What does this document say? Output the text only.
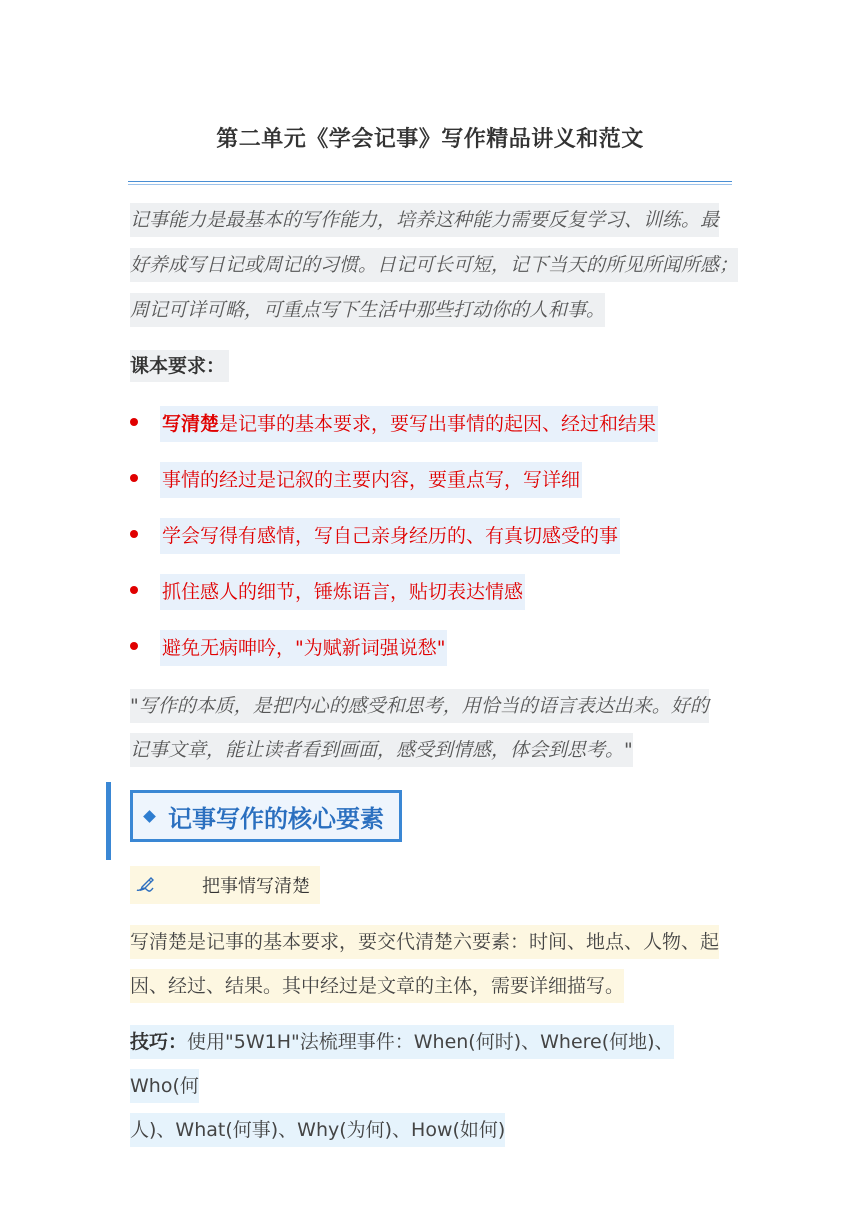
第二单元《学会记事》写作精品讲义和范文
记事能力是最基本的写作能力，培养这种能力需要反复学习、训练。最
好养成写日记或周记的习惯。日记可长可短，记下当天的所见所闻所感；
周记可详可略，可重点写下生活中那些打动你的人和事。
课本要求：
写清楚是记事的基本要求，要写出事情的起因、经过和结果
事情的经过是记叙的主要内容，要重点写，写详细
学会写得有感情，写自己亲身经历的、有真切感受的事
抓住感人的细节，锤炼语言，贴切表达情感
避免无病呻吟，"为赋新词强说愁"
"写作的本质，是把内心的感受和思考，用恰当的语言表达出来。好的
记事文章，能让读者看到画面，感受到情感，体会到思考。"
记事写作的核心要素
把事情写清楚
写清楚是记事的基本要求，要交代清楚六要素：时间、地点、人物、起
因、经过、结果。其中经过是文章的主体，需要详细描写。
技巧：使用"5W1H"法梳理事件：When(何时)、Where(何地)、Who(何
人)、What(何事)、Why(为何)、How(如何)
